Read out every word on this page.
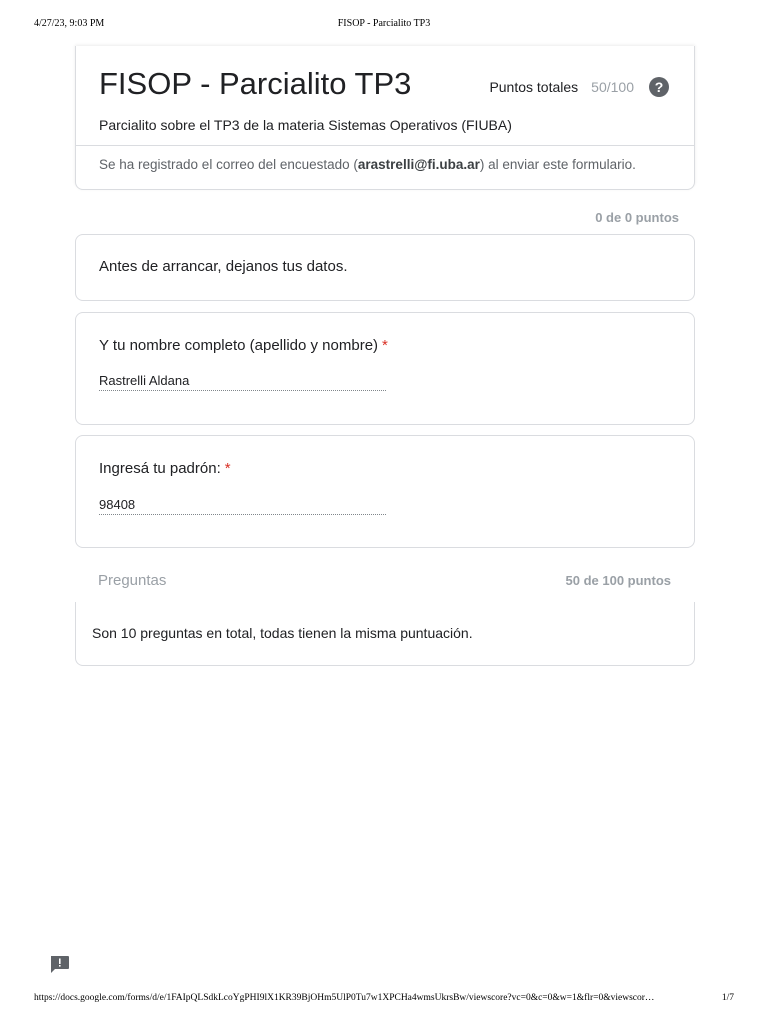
4/27/23, 9:03 PM	FISOP - Parcialito TP3
FISOP - Parcialito TP3	Puntos totales 50/100	?
Parcialito sobre el TP3 de la materia Sistemas Operativos (FIUBA)
Se ha registrado el correo del encuestado (arastrelli@fi.uba.ar) al enviar este formulario.
0 de 0 puntos
Antes de arrancar, dejanos tus datos.
Y tu nombre completo (apellido y nombre) *
Rastrelli Aldana
Ingresá tu padrón: *
98408
Preguntas	50 de 100 puntos
Son 10 preguntas en total, todas tienen la misma puntuación.
https://docs.google.com/forms/d/e/1FAIpQLSdkLcoYgPHI9lX1KR39BjOHm5UlP0Tu7w1XPCHa4wmsUkrsBw/viewscore?vc=0&c=0&w=1&flr=0&viewscor…	1/7
